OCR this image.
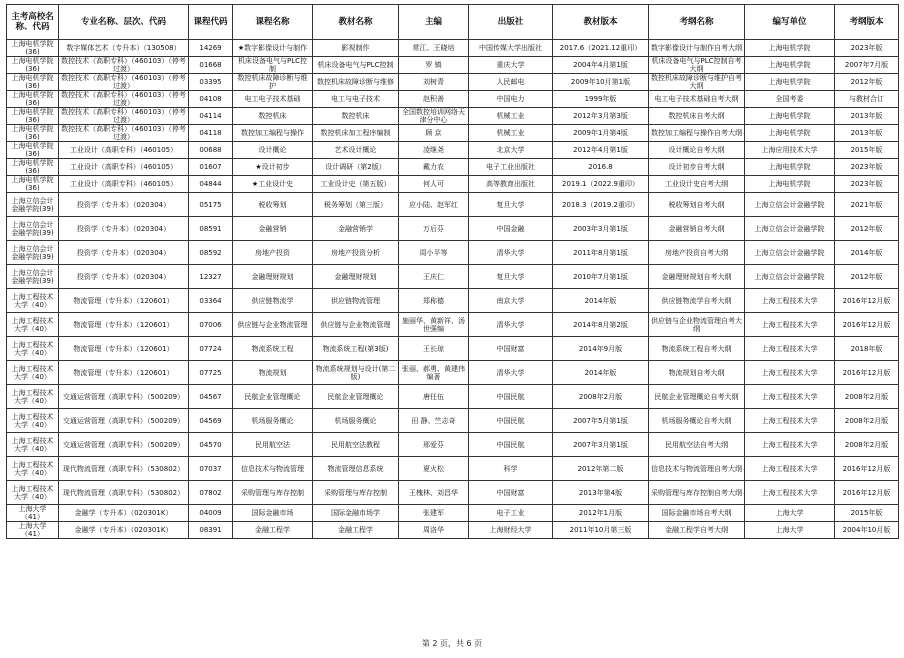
主考高校名称、代码	专业名称、层次、代码	课程代码	课程名称	教材名称	主编	出版社	教材版本	考纲名称	编写单位	考纲版本
上海电机学院(36)	数字媒体艺术（专升本）（130508）	14269	★数字影像设计与制作	影视制作	常江、王晓培	中国传媒大学出版社	2017.6（2021.12重印）	数字影像设计与制作自考大纲	上海电机学院	2023年版
上海电机学院(36)	数控技术（高职专科）（460103）（停考过渡）	01668	机床设备电气与PLC控制	机床设备电气与PLC控制	罗 镇	重庆大学	2004年4月第1版	机床设备电气与PLC控制自考大纲	上海电机学院	2007年7月版
上海电机学院(36)	数控技术（高职专科）（460103）（停考过渡）	03395	数控机床故障诊断与维护	数控机床故障诊断与维修	刘树青	人民邮电	2009年10月第1版	数控机床故障诊断与维护自考大纲	上海电机学院	2012年版
上海电机学院(36)	数控技术（高职专科）（460103）（停考过渡）	04108	电工电子技术基础	电工与电子技术	赵积善	中国电力	1999年版	电工电子技术基础自考大纲	全国考委	与教材合订
上海电机学院(36)	数控技术（高职专科）（460103）（停考过渡）	04114	数控机床	数控机床	全国数控培训网络天津分中心	机械工业	2012年3月第3版	数控机床自考大纲	上海电机学院	2013年版
上海电机学院(36)	数控技术（高职专科）（460103）（停考过渡）	04118	数控加工编程与操作	数控机床加工程序编制	顾 京	机械工业	2009年1月第4版	数控加工编程与操作自考大纲	上海电机学院	2013年版
上海电机学院(36)	工业设计（高职专科）（460105）	00688	设计概论	艺术设计概论	凌继尧	北京大学	2012年4月第1版	设计概论自考大纲	上海应用技术大学	2015年版
上海电机学院(36)	工业设计（高职专科）（460105）	01607	★设计初步	设计调研（第2版）	戴力农	电子工业出版社	2016.8	设计初步自考大纲	上海电机学院	2023年版
上海电机学院(36)	工业设计（高职专科）（460105）	04844	★工业设计史	工业设计史（第五版）	何人可	高等教育出版社	2019.1（2022.9重印）	工业设计史自考大纲	上海电机学院	2023年版
上海立信会计金融学院(39)	投资学（专升本）（020304）	05175	税收筹划	税务筹划（第三版）	应小陆、赵军红	复旦大学	2018.3（2019.2重印）	税收筹划自考大纲	上海立信会计金融学院	2021年版
上海立信会计金融学院(39)	投资学（专升本）（020304）	08591	金融营销	金融营销学	万后芬	中国金融	2003年3月第1版	金融营销自考大纲	上海立信会计金融学院	2012年版
上海立信会计金融学院(39)	投资学（专升本）（020304）	08592	房地产投资	房地产投资分析	周小平等	清华大学	2011年8月第1版	房地产投资自考大纲	上海立信会计金融学院	2014年版
上海立信会计金融学院(39)	投资学（专升本）（020304）	12327	金融理财规划	金融理财规划	王庆仁	复旦大学	2010年7月第1版	金融理财规划自考大纲	上海立信会计金融学院	2012年版
上海工程技术大学（40）	物流管理（专升本）（120601）	03364	供应链物流学	供应链物流管理	郑称德	南京大学	2014年版	供应链物流学自考大纲	上海工程技术大学	2016年12月版
上海工程技术大学（40）	物流管理（专升本）（120601）	07006	供应链与企业物流管理	供应链与企业物流管理	施丽华、黄新祥、汤世强编	清华大学	2014年8月第2版	供应链与企业物流管理自考大纲	上海工程技术大学	2016年12月版
上海工程技术大学（40）	物流管理（专升本）（120601）	07724	物流系统工程	物流系统工程(第3版)	王长琼	中国财富	2014年9月版	物流系统工程自考大纲	上海工程技术大学	2018年版
上海工程技术大学（40）	物流管理（专升本）（120601）	07725	物流规划	物流系统规划与设计(第二版)	张丽、郝勇、黄建伟编著	清华大学	2014年版	物流规划自考大纲	上海工程技术大学	2016年12月版
上海工程技术大学（40）	交通运营管理（高职专科）（500209）	04567	民航企业管理概论	民航企业管理概论	唐任伍	中国民航	2008年2月版	民航企业管理概论自考大纲	上海工程技术大学	2008年2月版
上海工程技术大学（40）	交通运营管理（高职专科）（500209）	04569	机场服务概论	机场服务概论	田 静、竺志奇	中国民航	2007年5月第1版	机场服务概论自考大纲	上海工程技术大学	2008年2月版
上海工程技术大学（40）	交通运营管理（高职专科）（500209）	04570	民用航空法	民用航空法教程	邢爱芬	中国民航	2007年3月第1版	民用航空法自考大纲	上海工程技术大学	2008年2月版
上海工程技术大学（40）	现代物流管理（高职专科）（530802）	07037	信息技术与物流管理	物流管理信息系统	夏火松	科学	2012年第二版	信息技术与物流管理自考大纲	上海工程技术大学	2016年12月版
上海工程技术大学（40）	现代物流管理（高职专科）（530802）	07802	采购管理与库存控制	采购管理与库存控制	王槐林、刘昌华	中国财富	2013年第4版	采购管理与库存控制自考大纲	上海工程技术大学	2016年12月版
上海大学（41）	金融学（专升本）（020301K）	04009	国际金融市场	国际金融市场学	张建军	电子工业	2012年1月版	国际金融市场自考大纲	上海大学	2015年版
上海大学（41）	金融学（专升本）（020301K）	08391	金融工程学	金融工程学	周洛华	上海财经大学	2011年10月第三版	金融工程学自考大纲	上海大学	2004年10月版
第 2 页，共 6 页
